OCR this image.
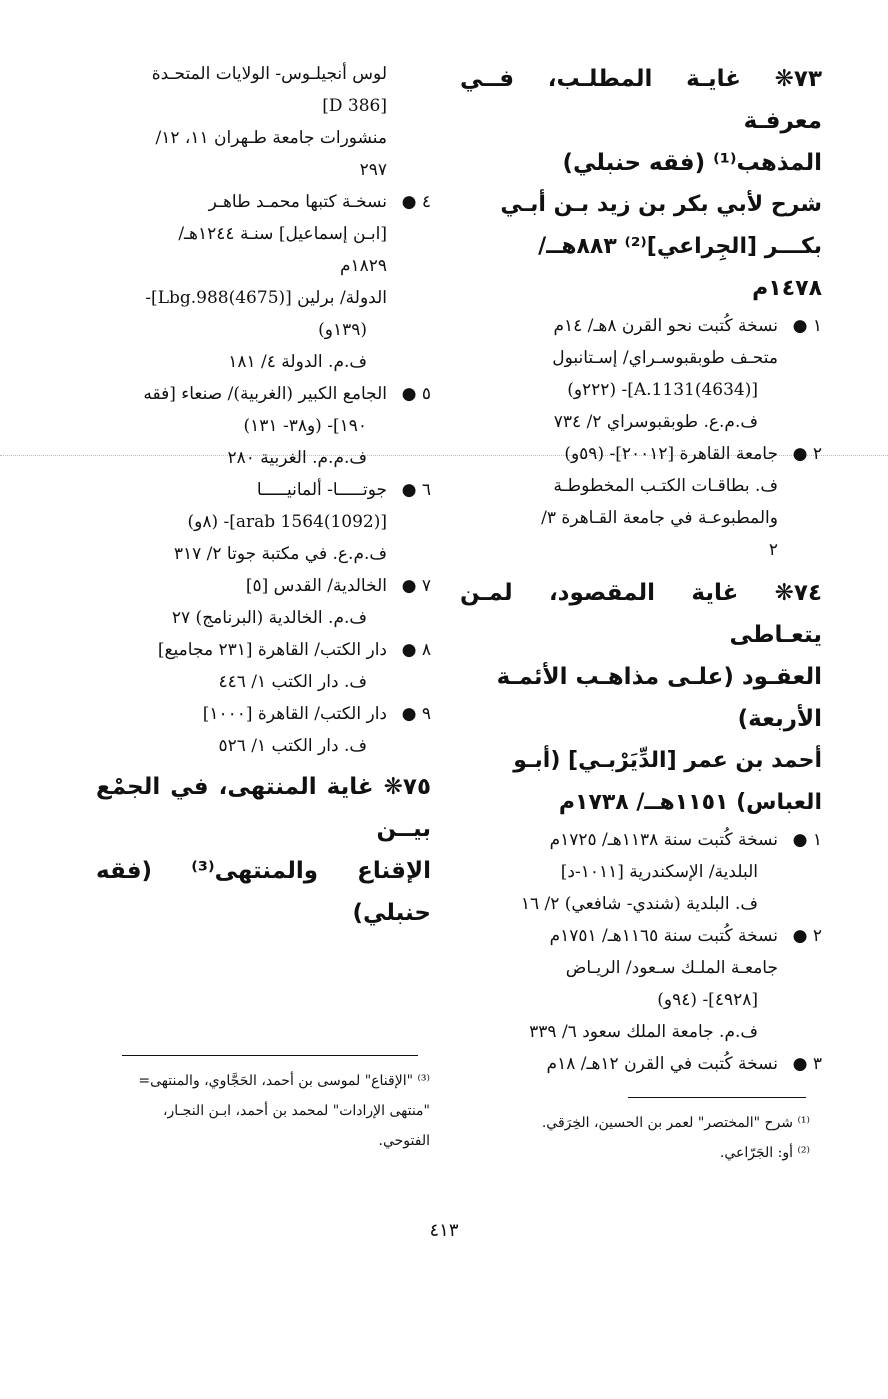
٧٣❋ غايـة المطلـب، فــي معرفـة

المذهب⁽¹⁾ (فقه حنبلي)

شرح لأبي بكر بن زيد بـن أبـي

بكـــر [الجِراعي]⁽²⁾ ٨٨٣هــ/

١٤٧٨م

١ ●

نسخة كُتبت نحو القرن ٨هـ/ ١٤م

متحـف طوبقبوسـراي/ إسـتانبول

[A.1131(4634)]- (٢٢٢و)

ف.م.ع. طوبقبوسراي ٢/ ٧٣٤

٢ ●

جامعة القاهرة [٢٠٠١٢]- (٥٩و)

ف. بطاقـات الكتـب المخطوطـة

والمطبوعـة في جامعة القـاهرة ٣/

٢

٧٤❋ غاية المقصود، لمـن يتعـاطى

العقـود (علـى مذاهـب الأئمـة

الأربعة)

أحمد بن عمر [الدِّيَرْبـي] (أبـو

العباس) ١١٥١هــ/ ١٧٣٨م

١ ●

نسخة كُتبت سنة ١١٣٨هـ/ ١٧٢٥م

البلدية/ الإسكندرية [١٠١١-د]

ف. البلدية (شندي- شافعي) ٢/ ١٦

٢ ●

نسخة كُتبت سنة ١١٦٥هـ/ ١٧٥١م

جامعـة الملـك سـعود/ الريـاض

[٤٩٢٨]- (٩٤و)

ف.م. جامعة الملك سعود ٦/ ٣٣٩

٣ ●

نسخة كُتبت في القرن ١٢هـ/ ١٨م

⁽¹⁾ شرح "المختصر" لعمر بن الحسين، الخِرَقي.
⁽²⁾ أو: الجَرّاعي.

لوس أنجيلـوس- الولايات المتحـدة

[D 386]

منشورات جامعة طـهران ١١، ١٢/

٢٩٧

٤ ●

نسخـة كتبها محمـد طاهـر

[ابـن إسماعيل] سنـة ١٢٤٤هـ/

١٨٢٩م

الدولة/ برلين [Lbg.988(4675)]-

(١٣٩و)

ف.م. الدولة ٤/ ١٨١

٥ ●

الجامع الكبير (الغربية)/ صنعاء [فقه

١٩٠]- (و٣٨- ١٣١)

ف.م.م. الغربية ٢٨٠

٦ ●

جوتـــــا- ألمانيـــــا

[arab 1564(1092)]- (٨و)

ف.م.ع. في مكتبة جوتا ٢/ ٣١٧

٧ ●

الخالدية/ القدس [٥]

ف.م. الخالدية (البرنامج) ٢٧

٨ ●

دار الكتب/ القاهرة [٢٣١ مجاميع]

ف. دار الكتب ١/ ٤٤٦

٩ ●

دار الكتب/ القاهرة [١٠٠٠]

ف. دار الكتب ١/ ٥٢٦

٧٥❋ غاية المنتهى، في الجمْع بيــن

الإقناع والمنتهى⁽³⁾ (فقه حنبلي)

⁽³⁾ "الإقناع" لموسى بن أحمد، الحَجَّاوي، والمنتهى=
"منتهى الإرادات" لمحمد بن أحمد، ابـن النجـار،
الفتوحي.
٤١٣
